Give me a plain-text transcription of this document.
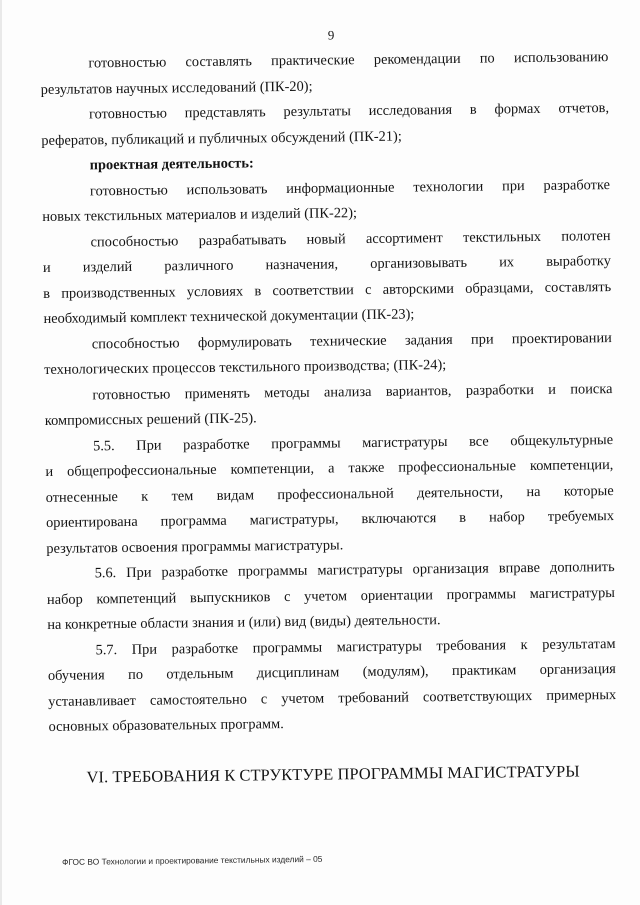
9
готовностью составлять практические рекомендации по использованию
результатов научных исследований (ПК-20);
готовностью представлять результаты исследования в формах отчетов,
рефератов, публикаций и публичных обсуждений (ПК-21);
проектная деятельность:
готовностью использовать информационные технологии при разработке
новых текстильных материалов и изделий (ПК-22);
способностью разрабатывать новый ассортимент текстильных полотен
и изделий различного назначения, организовывать их выработку
в производственных условиях в соответствии с авторскими образцами, составлять
необходимый комплект технической документации (ПК-23);
способностью формулировать технические задания при проектировании
технологических процессов текстильного производства; (ПК-24);
готовностью применять методы анализа вариантов, разработки и поиска
компромиссных решений (ПК-25).
5.5. При разработке программы магистратуры все общекультурные
и общепрофессиональные компетенции, а также профессиональные компетенции,
отнесенные к тем видам профессиональной деятельности, на которые
ориентирована программа магистратуры, включаются в набор требуемых
результатов освоения программы магистратуры.
5.6. При разработке программы магистратуры организация вправе дополнить
набор компетенций выпускников с учетом ориентации программы магистратуры
на конкретные области знания и (или) вид (виды) деятельности.
5.7. При разработке программы магистратуры требования к результатам
обучения по отдельным дисциплинам (модулям), практикам организация
устанавливает самостоятельно с учетом требований соответствующих примерных
основных образовательных программ.
VI. ТРЕБОВАНИЯ К СТРУКТУРЕ ПРОГРАММЫ МАГИСТРАТУРЫ
ФГОС ВО Технологии и проектирование текстильных изделий – 05
